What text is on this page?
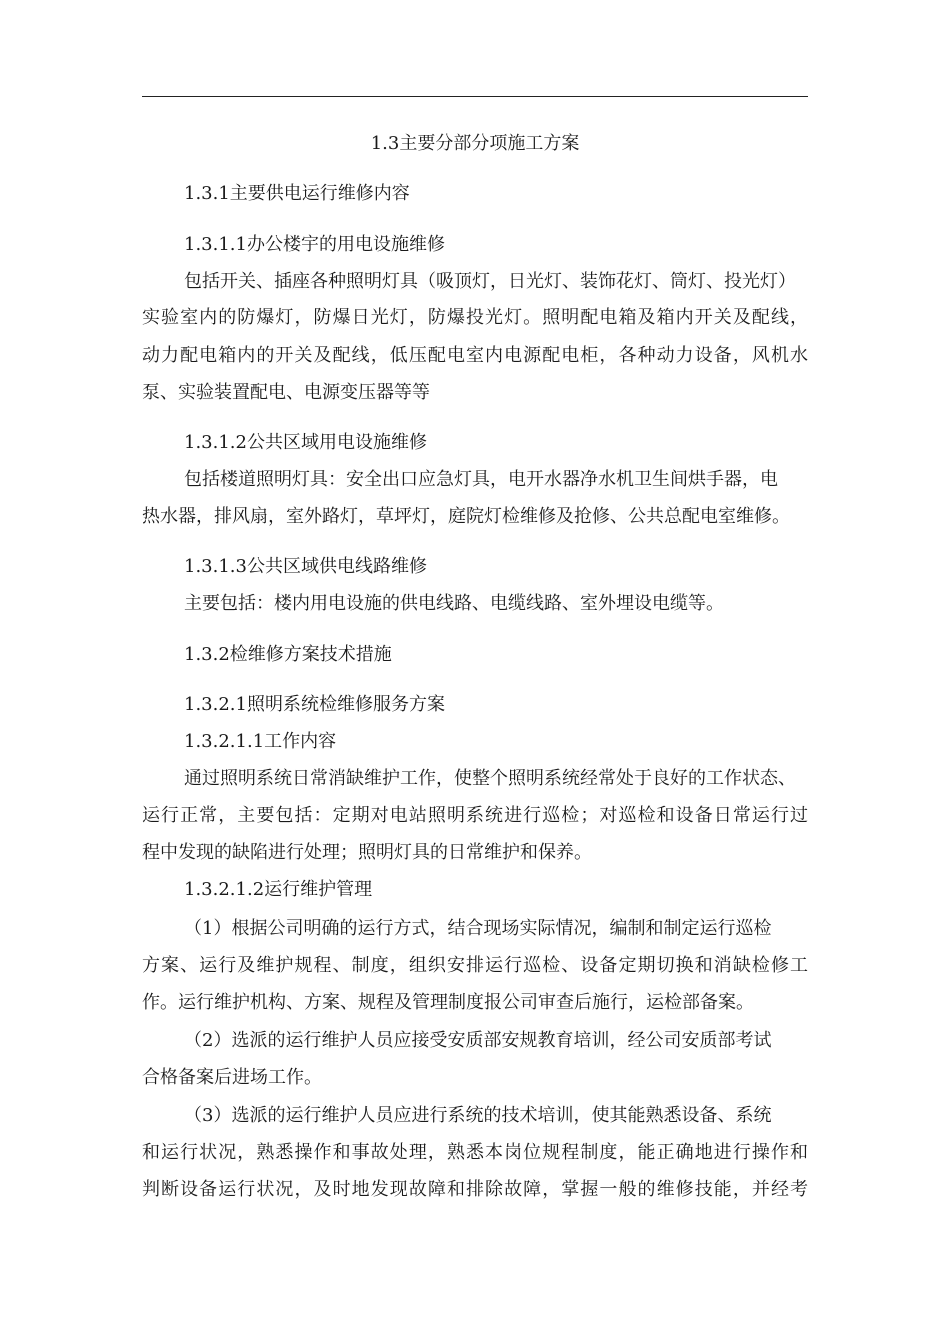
1.3主要分部分项施工方案
1.3.1主要供电运行维修内容
1.3.1.1办公楼宇的用电设施维修
包括开关、插座各种照明灯具（吸顶灯，日光灯、装饰花灯、筒灯、投光灯）
实验室内的防爆灯，防爆日光灯，防爆投光灯。照明配电箱及箱内开关及配线，
动力配电箱内的开关及配线，低压配电室内电源配电柜，各种动力设备，风机水
泵、实验装置配电、电源变压器等等
1.3.1.2公共区域用电设施维修
包括楼道照明灯具：安全出口应急灯具，电开水器净水机卫生间烘手器，电
热水器，排风扇，室外路灯，草坪灯，庭院灯检维修及抢修、公共总配电室维修。
1.3.1.3公共区域供电线路维修
主要包括：楼内用电设施的供电线路、电缆线路、室外埋设电缆等。
1.3.2检维修方案技术措施
1.3.2.1照明系统检维修服务方案
1.3.2.1.1工作内容
通过照明系统日常消缺维护工作，使整个照明系统经常处于良好的工作状态、
运行正常，主要包括：定期对电站照明系统进行巡检；对巡检和设备日常运行过
程中发现的缺陷进行处理；照明灯具的日常维护和保养。
1.3.2.1.2运行维护管理
（1）根据公司明确的运行方式，结合现场实际情况，编制和制定运行巡检
方案、运行及维护规程、制度，组织安排运行巡检、设备定期切换和消缺检修工
作。运行维护机构、方案、规程及管理制度报公司审查后施行，运检部备案。
（2）选派的运行维护人员应接受安质部安规教育培训，经公司安质部考试
合格备案后进场工作。
（3）选派的运行维护人员应进行系统的技术培训，使其能熟悉设备、系统
和运行状况，熟悉操作和事故处理，熟悉本岗位规程制度，能正确地进行操作和
判断设备运行状况，及时地发现故障和排除故障，掌握一般的维修技能，并经考
